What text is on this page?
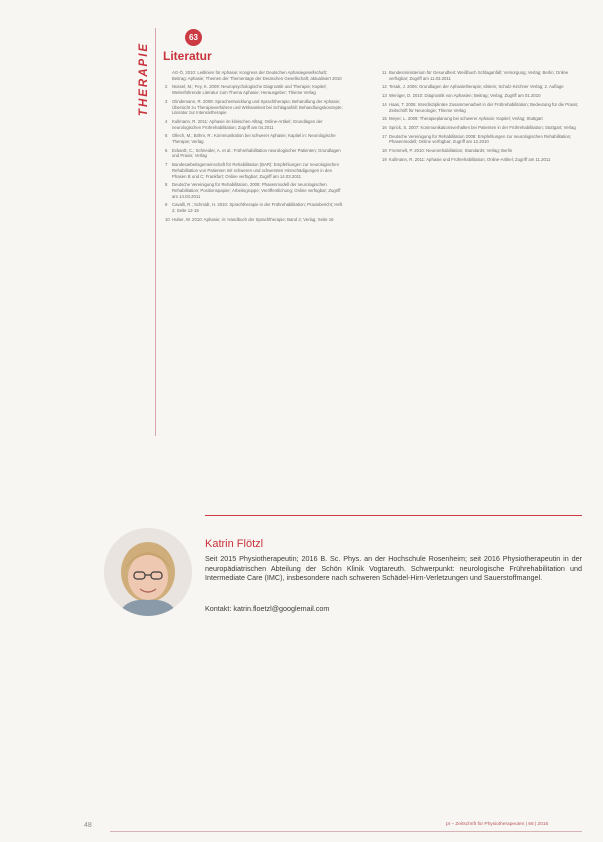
THERAPIE
63
Literatur
AG-Ö, 2010: Leitlinien für Aphasie; Kongress der Deutschen Aphasiegesellschaft; Beitrag: Aphasie; Themen der Thementage der Deutschen Gesellschaft; aktualisiert 2010
2 Nüssel, M.; Fey, K. 2009: Neuropsychologische Diagnostik und Therapie; Kapitel; Weiterführende Literatur zum Thema Aphasie; Herausgeber; Thieme Verlag
3 Glindemann, R. 2008: Sprachentwicklung und Sprachtherapie; Behandlung der Aphasie; Übersicht zu Therapieverfahren und Wirksamkeit bei Schlaganfall; Behandlungskonzepte; Literatur zur Intensivtherapie
4 Kullmann, R. 2011: Aphasie im klinischen Alltag; Online-Artikel; Grundlagen der neurologischen Frührehabilitation; Zugriff am 04.2011
5 Ollech, M.; Böhm, R.: Kommunikation bei schwerer Aphasie; Kapitel in: Neurologische Therapie; Verlag
6 Eckardt, C.; Schneider, A. et al.: Frührehabilitation neurologischer Patienten; Grundlagen und Praxis; Verlag
7 Bundesarbeitsgemeinschaft für Rehabilitation (BAR): Empfehlungen zur neurologischen Rehabilitation von Patienten mit schweren und schwersten Hirnschädigungen in den Phasen B und C; Frankfurt; Online verfügbar; Zugriff am 14.03.2011
8 Deutsche Vereinigung für Rehabilitation, 2008: Phasenmodell der neurologischen Rehabilitation; Positionspapier; Arbeitsgruppe; Veröffentlichung; Online verfügbar; Zugriff am 14.03.2011
9 Cavalli, R.; Schmidt, H. 2010: Sprachtherapie in der Frührehabilitation; Praxisbericht; Heft 2; Seite 12-18
10 Huber, W. 2010: Aphasie; in: Handbuch der Sprachtherapie; Band 2; Verlag; Seite 16
11 Bundesministerium für Gesundheit: Weißbuch Schlaganfall; Versorgung; Verlag; Berlin; Online verfügbar; Zugriff am 11.03.2011
12 Tesak, J. 2006: Grundlagen der Aphasietherapie; Idstein; Schulz-Kirchner Verlag; 2. Auflage
13 Weniger, D. 2010: Diagnostik von Aphasien; Beitrag; Verlag; Zugriff am 01.2010
14 Haas, T. 2006: Interdisziplinäre Zusammenarbeit in der Frührehabilitation; Bedeutung für die Praxis; Zeitschrift für Neurologie; Thieme Verlag
15 Meyer, L. 2009: Therapieplanung bei schwerer Aphasie; Kapitel; Verlag; Stuttgart
16 Sprick, S. 2007: Kommunikationsverhalten bei Patienten in der Frührehabilitation; Stuttgart; Verlag
17 Deutsche Vereinigung für Rehabilitation 2008: Empfehlungen zur neurologischen Rehabilitation; Phasenmodell; Online verfügbar; Zugriff am 12.2010
18 Frommelt, P. 2010: Neurorehabilitation; Standards; Verlag; Berlin
19 Kullmann, R. 2011: Aphasie und Frührehabilitation; Online-Artikel; Zugriff am 11.2011
Katrin Flötzl
Seit 2015 Physiotherapeutin; 2016 B. Sc. Phys. an der Hochschule Rosenheim; seit 2016 Physiotherapeutin in der neuropädiatrischen Abteilung der Schön Klinik Vogtareuth. Schwerpunkt: neurologische Frührehabilitation und Intermediate Care (IMC), insbesondere nach schweren Schädel-Hirn-Verletzungen und Sauerstoffmangel.
Kontakt: katrin.floetzl@googlemail.com
48	pt – Zeitschrift für Physiotherapeuten | 68 | 2016
